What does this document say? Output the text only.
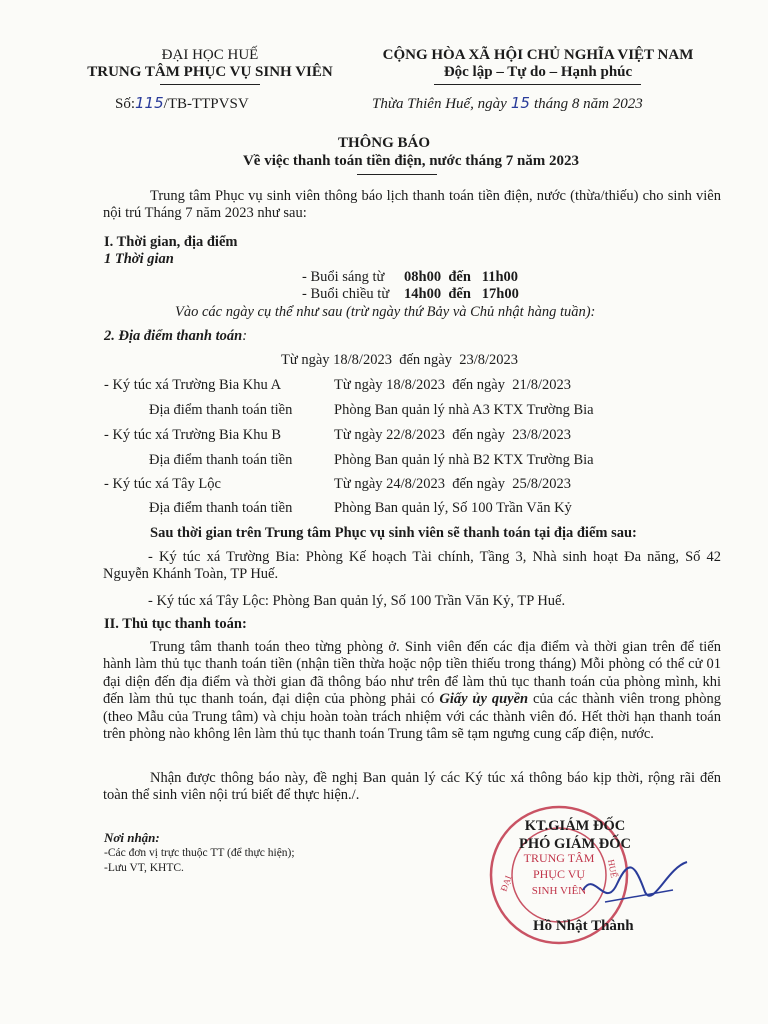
ĐẠI HỌC HUẾ
TRUNG TÂM PHỤC VỤ SINH VIÊN
Số:115/TB-TTPVSV
CỘNG HÒA XÃ HỘI CHỦ NGHĨA VIỆT NAM
Độc lập – Tự do – Hạnh phúc
Thừa Thiên Huế, ngày 15 tháng 8 năm 2023
THÔNG BÁO
Về việc thanh toán tiền điện, nước tháng 7 năm 2023
Trung tâm Phục vụ sinh viên thông báo lịch thanh toán tiền điện, nước (thừa/thiếu) cho sinh viên nội trú Tháng 7 năm 2023 như sau:
I. Thời gian, địa điểm
1 Thời gian
- Buổi sáng từ 08h00  đến   11h00
- Buổi chiều từ 14h00  đến   17h00
Vào các ngày cụ thể như sau (trừ ngày thứ Bảy và Chủ nhật hàng tuần):
2. Địa điểm thanh toán:
Từ ngày 18/8/2023  đến ngày  23/8/2023
- Ký túc xá Trường Bia Khu A	Từ ngày 18/8/2023  đến ngày  21/8/2023
Địa điểm thanh toán tiền	Phòng Ban quản lý nhà A3 KTX Trường Bia
- Ký túc xá Trường Bia Khu B	Từ ngày 22/8/2023  đến ngày  23/8/2023
Địa điểm thanh toán tiền	Phòng Ban quản lý nhà B2 KTX Trường Bia
- Ký túc xá Tây Lộc	Từ ngày 24/8/2023  đến ngày  25/8/2023
Địa điểm thanh toán tiền	Phòng Ban quản lý, Số 100 Trần Văn Kỷ
Sau thời gian trên Trung tâm Phục vụ sinh viên sẽ thanh toán tại địa điểm sau:
- Ký túc xá Trường Bia: Phòng Kế hoạch Tài chính, Tầng 3, Nhà sinh hoạt Đa năng, Số 42 Nguyễn Khánh Toàn, TP Huế.
- Ký túc xá Tây Lộc: Phòng Ban quản lý, Số 100 Trần Văn Kỷ, TP Huế.
II. Thủ tục thanh toán:
Trung tâm thanh toán theo từng phòng ở. Sinh viên đến các địa điểm và thời gian trên để tiến hành làm thủ tục thanh toán tiền (nhận tiền thừa hoặc nộp tiền thiếu trong tháng) Mỗi phòng có thể cử 01 đại diện đến địa điểm và thời gian đã thông báo như trên để làm thủ tục thanh toán của phòng mình, khi đến làm thủ tục thanh toán, đại diện của phòng phải có Giấy ủy quyền của các thành viên trong phòng (theo Mẫu của Trung tâm) và chịu hoàn toàn trách nhiệm với các thành viên đó. Hết thời hạn thanh toán trên phòng nào không lên làm thủ tục thanh toán Trung tâm sẽ tạm ngưng cung cấp điện, nước.
Nhận được thông báo này, đề nghị Ban quản lý các Ký túc xá thông báo kịp thời, rộng rãi đến toàn thể sinh viên nội trú biết để thực hiện./.
Nơi nhận:
-Các đơn vị trực thuộc TT (để thực hiện);
-Lưu VT, KHTC.
TRUNG TÂM
PHỤC VỤ
SINH VIÊN
ĐẠI
HUẾ
KT.GIÁM ĐỐC
PHÓ GIÁM ĐỐC
Hồ Nhật Thành
